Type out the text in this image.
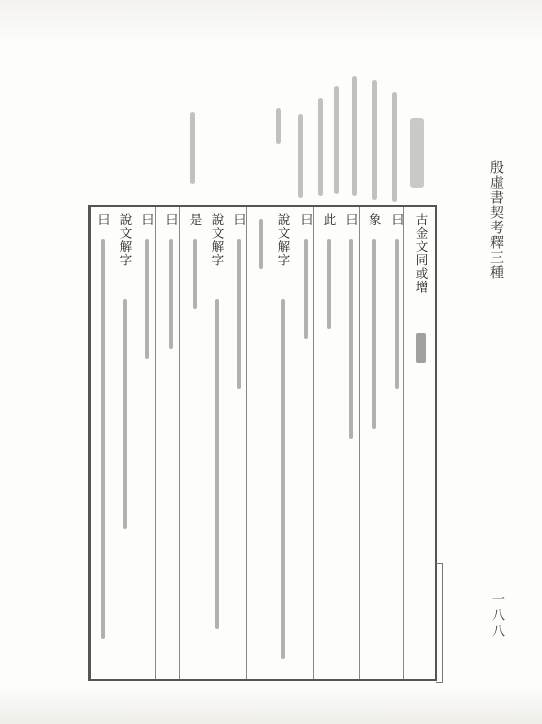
殷虛書契考釋三種
一八八
古金文同或增
曰
象
曰
此
曰
說文解字
曰
說文解字
是
曰
曰
說文解字
曰
